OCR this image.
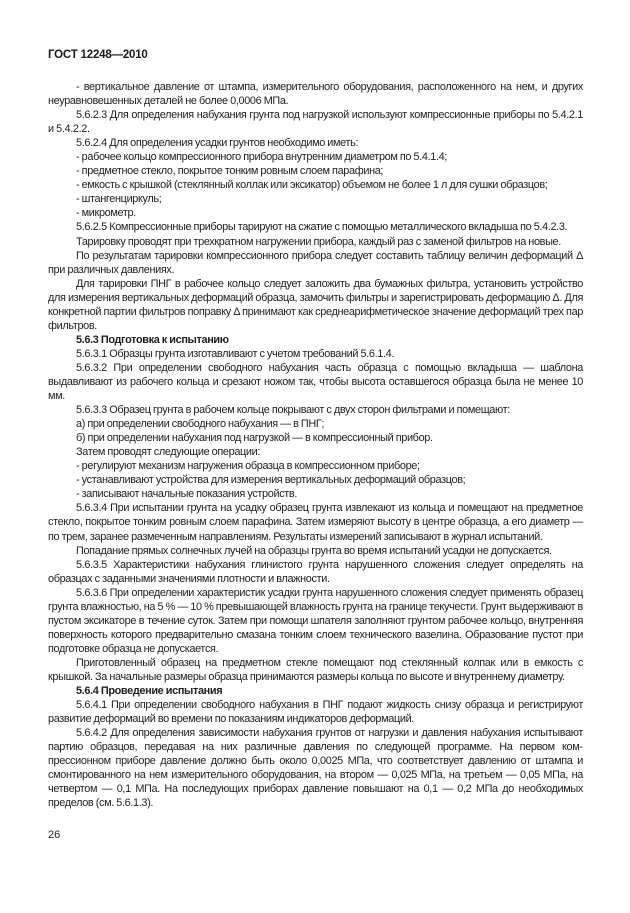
ГОСТ 12248—2010

- вертикальное давление от штампа, измерительного оборудования, расположенного на нем, и других неуравновешенных деталей не более 0,0006 МПа.

5.6.2.3 Для определения набухания грунта под нагрузкой используют компрессионные приборы по 5.4.2.1 и 5.4.2.2.

5.6.2.4 Для определения усадки грунтов необходимо иметь:

- рабочее кольцо компрессионного прибора внутренним диаметром по 5.4.1.4;

- предметное стекло, покрытое тонким ровным слоем парафина;

- емкость с крышкой (стеклянный коллак или эксикатор) объемом не более 1 л для сушки образцов;

- штангенциркуль;

- микрометр.

5.6.2.5 Компрессионные приборы тарируют на сжатие с помощью металлического вкладыша по 5.4.2.3.

Тарировку проводят при трехкратном нагружении прибора, каждый раз с заменой фильтров на новые.

По результатам тарировки компрессионного прибора следует составить таблицу величин деформаций Δ при различных давлениях.

Для тарировки ПНГ в рабочее кольцо следует заложить два бумажных фильтра, установить устройство для измерения вертикальных деформаций образца, замочить фильтры и зарегистрировать деформацию Δ. Для конкретной партии фильтров поправку Δ принимают как среднеарифметическое значение деформаций трех пар фильтров.

5.6.3 Подготовка к испытанию

5.6.3.1 Образцы грунта изготавливают с учетом требований 5.6.1.4.

5.6.3.2 При определении свободного набухания часть образца с помощью вкладыша — шаблона выдавливают из рабочего кольца и срезают ножом так, чтобы высота оставшегося образца была не менее 10 мм.

5.6.3.3 Образец грунта в рабочем кольце покрывают с двух сторон фильтрами и помещают:

а) при определении свободного набухания — в ПНГ;

б) при определении набухания под нагрузкой — в компрессионный прибор.

Затем проводят следующие операции:

- регулируют механизм нагружения образца в компрессионном приборе;

- устанавливают устройства для измерения вертикальных деформаций образцов;

- записывают начальные показания устройств.

5.6.3.4 При испытании грунта на усадку образец грунта извлекают из кольца и помещают на предметное стекло, покрытое тонким ровным слоем парафина. Затем измеряют высоту в центре образца, а его диаметр — по трем, заранее размеченным направлениям. Результаты измерений записывают в журнал испытаний.

Попадание прямых солнечных лучей на образцы грунта во время испытаний усадки не допускается.

5.6.3.5 Характеристики набухания глинистого грунта нарушенного сложения следует определять на образцах с заданными значениями плотности и влажности.

5.6.3.6 При определении характеристик усадки грунта нарушенного сложения следует применять образец грунта влажностью, на 5 % — 10 % превышающей влажность грунта на границе текучести. Грунт выдерживают в пустом эксикаторе в течение суток. Затем при помощи шпателя заполняют грунтом рабочее кольцо, внутренняя поверхность которого предварительно смазана тонким слоем технического вазелина. Образование пустот при подготовке образца не допускается.

Приготовленный образец на предметном стекле помещают под стеклянный колпак или в емкость с крышкой. За начальные размеры образца принимаются размеры кольца по высоте и внутреннему диаметру.

5.6.4 Проведение испытания

5.6.4.1 При определении свободного набухания в ПНГ подают жидкость снизу образца и регистрируют развитие деформаций во времени по показаниям индикаторов деформаций.

5.6.4.2 Для определения зависимости набухания грунтов от нагрузки и давления набухания испытывают партию образцов, передавая на них различные давления по следующей программе. На первом компрессионном приборе давление должно быть около 0,0025 МПа, что соответствует давлению от штампа и смонтированного на нем измерительного оборудования, на втором — 0,025 МПа, на третьем — 0,05 МПа, на четвертом — 0,1 МПа. На последующих приборах давление повышают на 0,1 — 0,2 МПа до необходимых пределов (см. 5.6.1.3).

26
